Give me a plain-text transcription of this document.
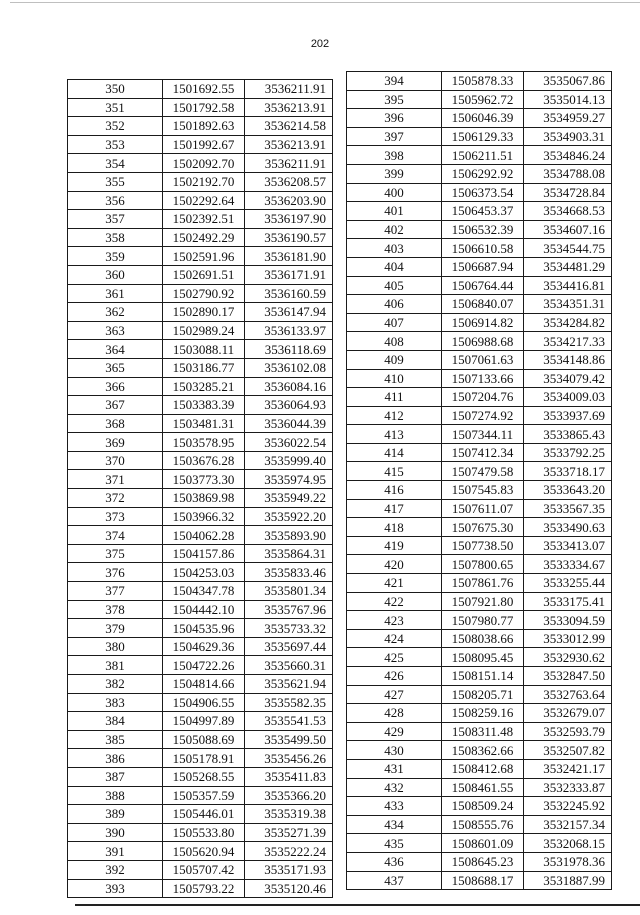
202
350	1501692.55	3536211.91
351	1501792.58	3536213.91
352	1501892.63	3536214.58
353	1501992.67	3536213.91
354	1502092.70	3536211.91
355	1502192.70	3536208.57
356	1502292.64	3536203.90
357	1502392.51	3536197.90
358	1502492.29	3536190.57
359	1502591.96	3536181.90
360	1502691.51	3536171.91
361	1502790.92	3536160.59
362	1502890.17	3536147.94
363	1502989.24	3536133.97
364	1503088.11	3536118.69
365	1503186.77	3536102.08
366	1503285.21	3536084.16
367	1503383.39	3536064.93
368	1503481.31	3536044.39
369	1503578.95	3536022.54
370	1503676.28	3535999.40
371	1503773.30	3535974.95
372	1503869.98	3535949.22
373	1503966.32	3535922.20
374	1504062.28	3535893.90
375	1504157.86	3535864.31
376	1504253.03	3535833.46
377	1504347.78	3535801.34
378	1504442.10	3535767.96
379	1504535.96	3535733.32
380	1504629.36	3535697.44
381	1504722.26	3535660.31
382	1504814.66	3535621.94
383	1504906.55	3535582.35
384	1504997.89	3535541.53
385	1505088.69	3535499.50
386	1505178.91	3535456.26
387	1505268.55	3535411.83
388	1505357.59	3535366.20
389	1505446.01	3535319.38
390	1505533.80	3535271.39
391	1505620.94	3535222.24
392	1505707.42	3535171.93
393	1505793.22	3535120.46
394	1505878.33	3535067.86
395	1505962.72	3535014.13
396	1506046.39	3534959.27
397	1506129.33	3534903.31
398	1506211.51	3534846.24
399	1506292.92	3534788.08
400	1506373.54	3534728.84
401	1506453.37	3534668.53
402	1506532.39	3534607.16
403	1506610.58	3534544.75
404	1506687.94	3534481.29
405	1506764.44	3534416.81
406	1506840.07	3534351.31
407	1506914.82	3534284.82
408	1506988.68	3534217.33
409	1507061.63	3534148.86
410	1507133.66	3534079.42
411	1507204.76	3534009.03
412	1507274.92	3533937.69
413	1507344.11	3533865.43
414	1507412.34	3533792.25
415	1507479.58	3533718.17
416	1507545.83	3533643.20
417	1507611.07	3533567.35
418	1507675.30	3533490.63
419	1507738.50	3533413.07
420	1507800.65	3533334.67
421	1507861.76	3533255.44
422	1507921.80	3533175.41
423	1507980.77	3533094.59
424	1508038.66	3533012.99
425	1508095.45	3532930.62
426	1508151.14	3532847.50
427	1508205.71	3532763.64
428	1508259.16	3532679.07
429	1508311.48	3532593.79
430	1508362.66	3532507.82
431	1508412.68	3532421.17
432	1508461.55	3532333.87
433	1508509.24	3532245.92
434	1508555.76	3532157.34
435	1508601.09	3532068.15
436	1508645.23	3531978.36
437	1508688.17	3531887.99
